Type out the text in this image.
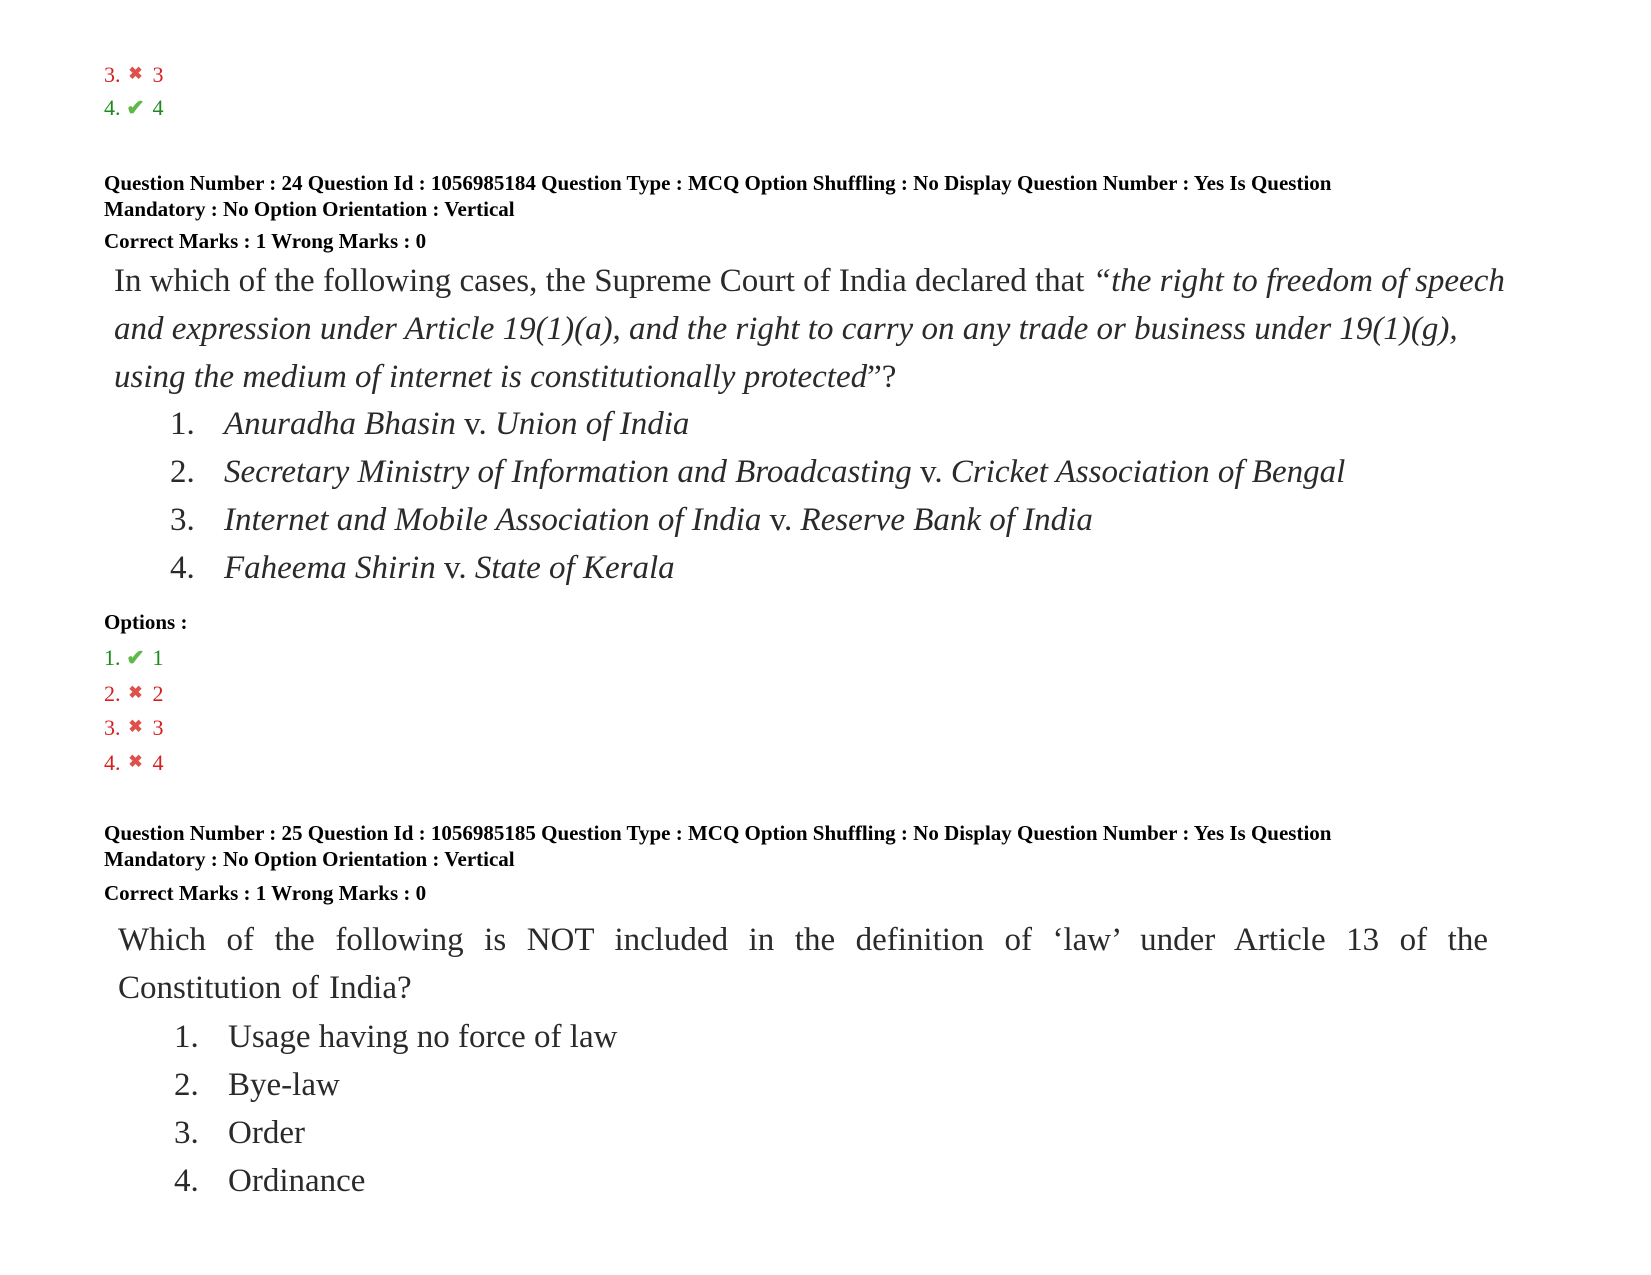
3. ✖ 3
4. ✔ 4
Question Number : 24 Question Id : 1056985184 Question Type : MCQ Option Shuffling : No Display Question Number : Yes Is Question
Mandatory : No Option Orientation : Vertical
Correct Marks : 1 Wrong Marks : 0
In which of the following cases, the Supreme Court of India declared that “the right to freedom of speech and expression under Article 19(1)(a), and the right to carry on any trade or business under 19(1)(g), using the medium of internet is constitutionally protected”?
1. Anuradha Bhasin v. Union of India
2. Secretary Ministry of Information and Broadcasting v. Cricket Association of Bengal
3. Internet and Mobile Association of India v. Reserve Bank of India
4. Faheema Shirin v. State of Kerala
Options :
1. ✔ 1
2. ✖ 2
3. ✖ 3
4. ✖ 4
Question Number : 25 Question Id : 1056985185 Question Type : MCQ Option Shuffling : No Display Question Number : Yes Is Question
Mandatory : No Option Orientation : Vertical
Correct Marks : 1 Wrong Marks : 0
Which of the following is NOT included in the definition of ‘law’ under Article 13 of the Constitution of India?
1. Usage having no force of law
2. Bye-law
3. Order
4. Ordinance
